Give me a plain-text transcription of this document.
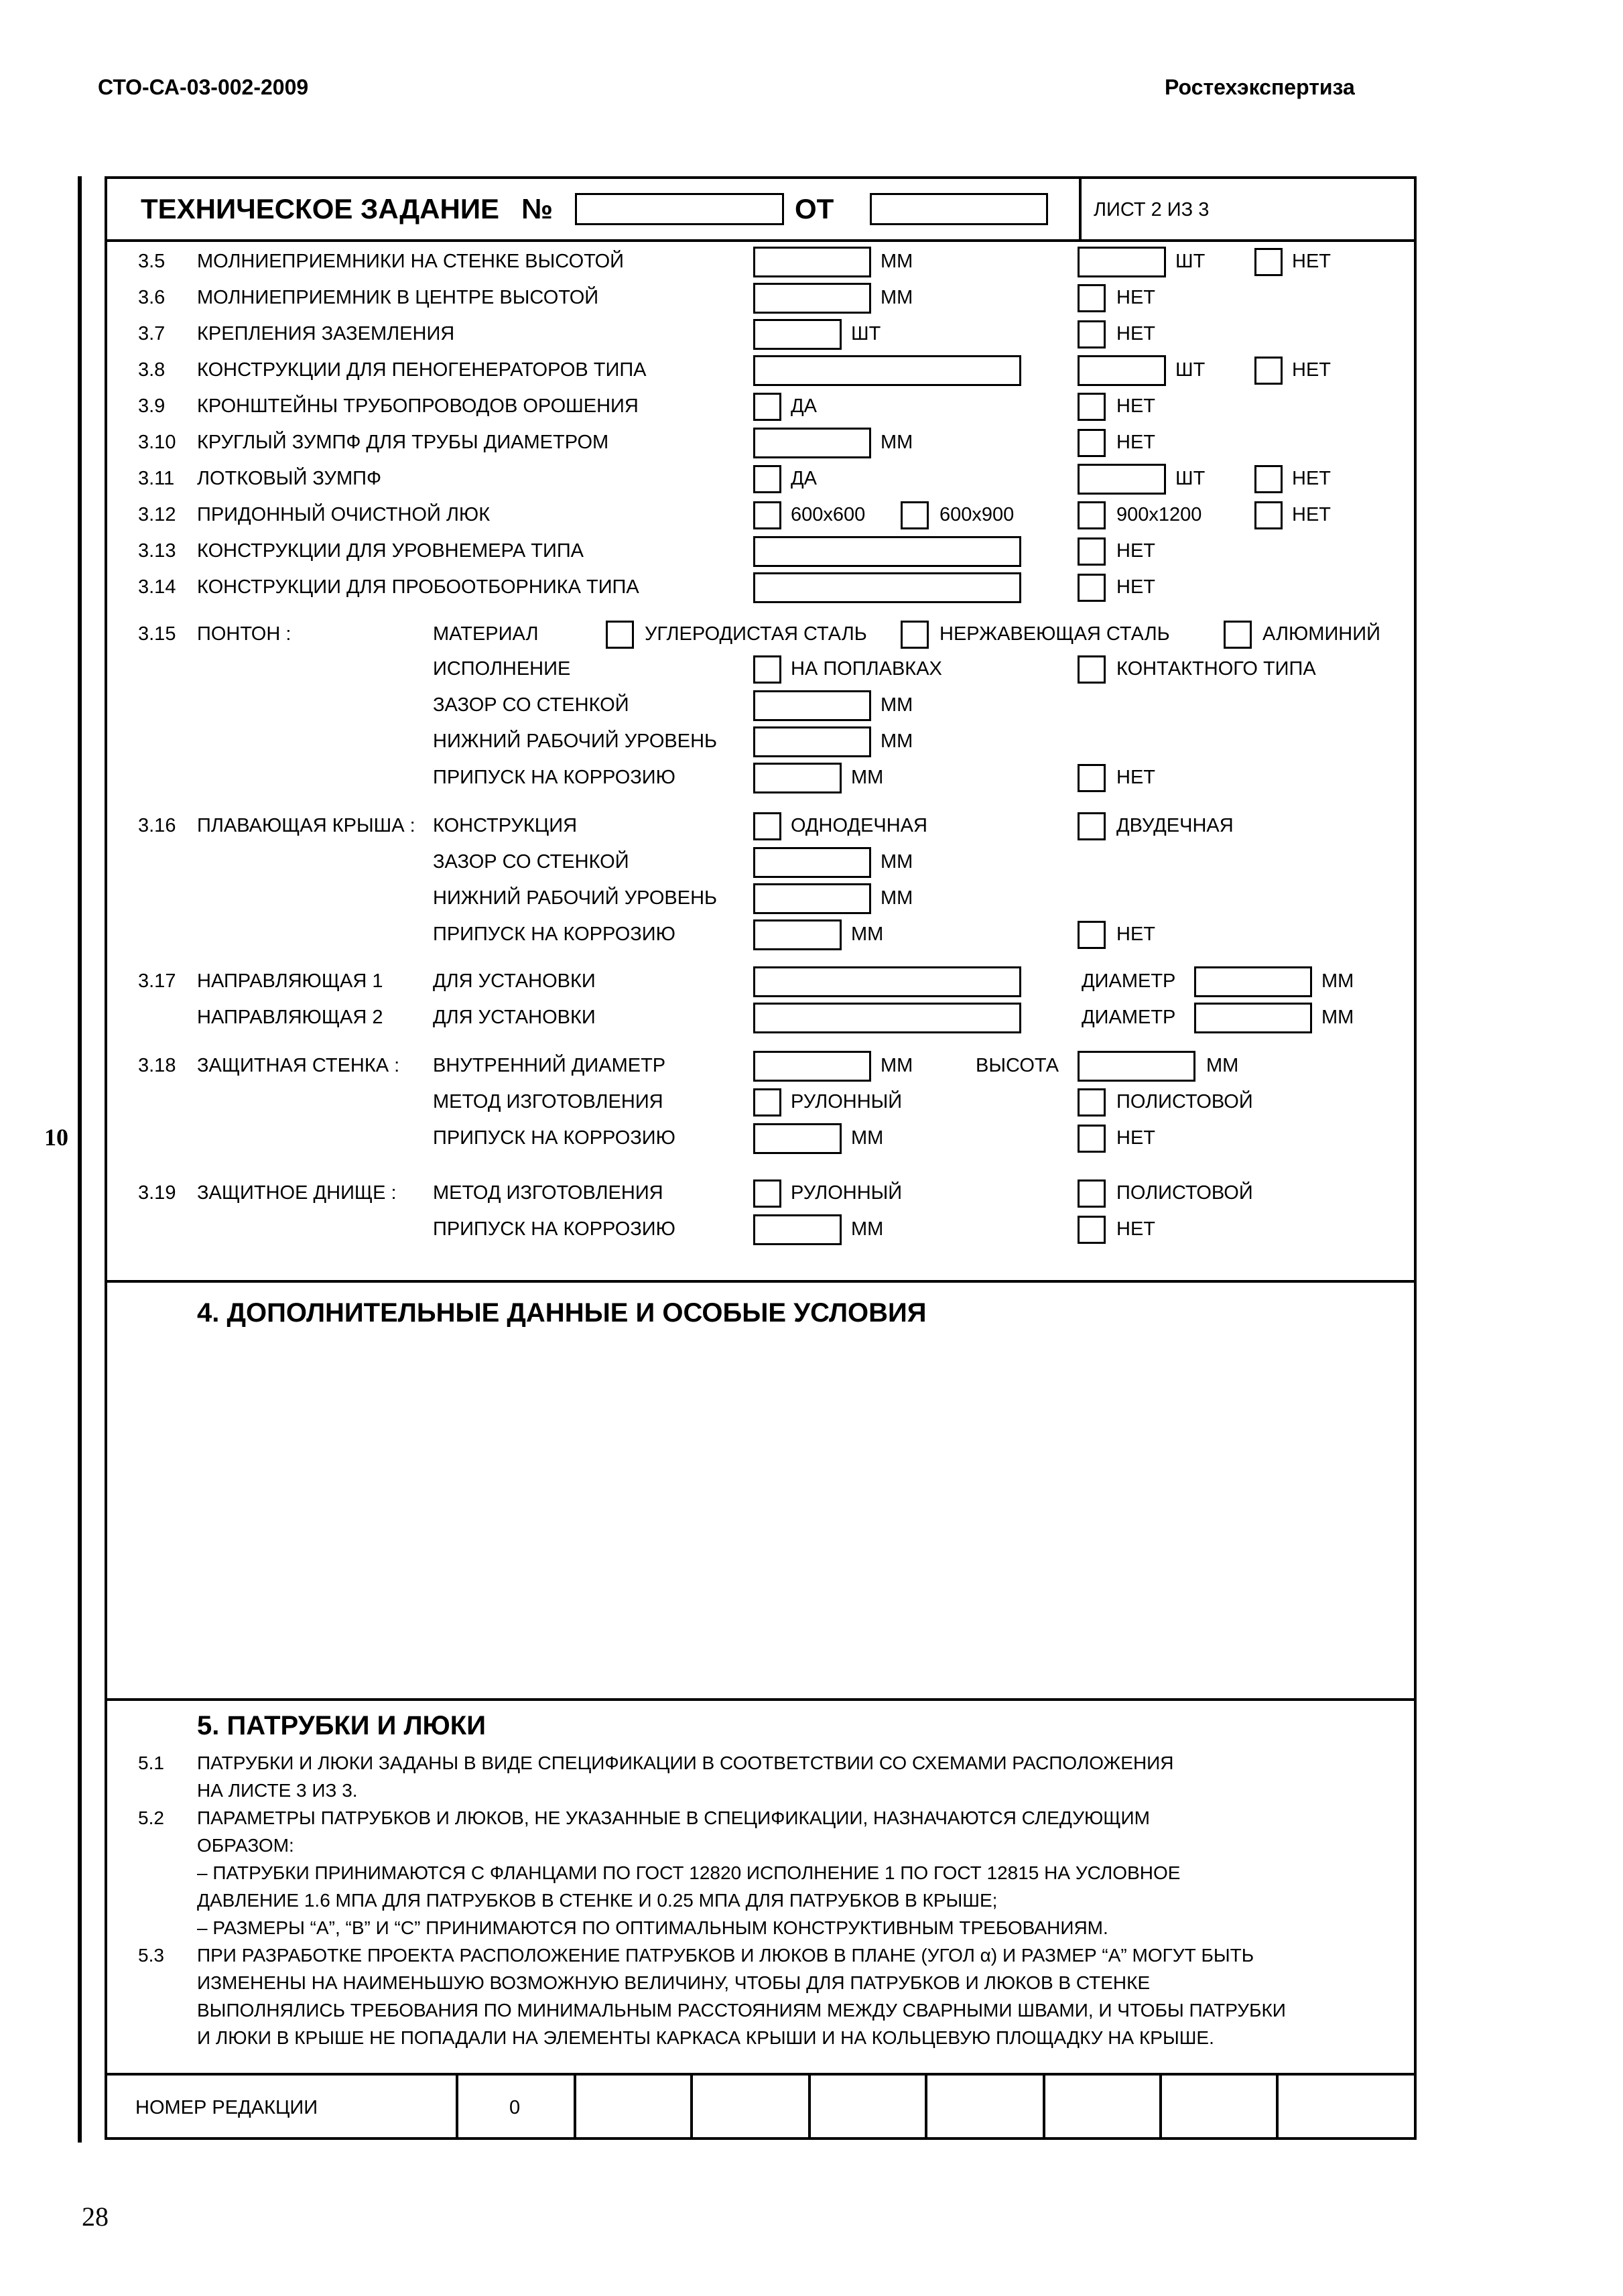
СТО-СА-03-002-2009	Ростехэкспертиза
10
ТЕХНИЧЕСКОЕ ЗАДАНИЕ №	ОТ	ЛИСТ 2 ИЗ 3
3.5 МОЛНИЕПРИЕМНИКИ НА СТЕНКЕ ВЫСОТОЙ	ММ	ШТ	НЕТ
3.6 МОЛНИЕПРИЕМНИК В ЦЕНТРЕ ВЫСОТОЙ	ММ	НЕТ
3.7 КРЕПЛЕНИЯ ЗАЗЕМЛЕНИЯ	ШТ	НЕТ
3.8 КОНСТРУКЦИИ ДЛЯ ПЕНОГЕНЕРАТОРОВ ТИПА	ШТ	НЕТ
3.9 КРОНШТЕЙНЫ ТРУБОПРОВОДОВ ОРОШЕНИЯ	ДА	НЕТ
3.10 КРУГЛЫЙ ЗУМПФ ДЛЯ ТРУБЫ ДИАМЕТРОМ	ММ	НЕТ
3.11 ЛОТКОВЫЙ ЗУМПФ	ДА	ШТ	НЕТ
3.12 ПРИДОННЫЙ ОЧИСТНОЙ ЛЮК	600x600	600x900	900x1200	НЕТ
3.13 КОНСТРУКЦИИ ДЛЯ УРОВНЕМЕРА ТИПА	НЕТ
3.14 КОНСТРУКЦИИ ДЛЯ ПРОБООТБОРНИКА ТИПА	НЕТ
3.15 ПОНТОН :	МАТЕРИАЛ	УГЛЕРОДИСТАЯ СТАЛЬ	НЕРЖАВЕЮЩАЯ СТАЛЬ	АЛЮМИНИЙ
ИСПОЛНЕНИЕ	НА ПОПЛАВКАХ	КОНТАКТНОГО ТИПА
ЗАЗОР СО СТЕНКОЙ	ММ
НИЖНИЙ РАБОЧИЙ УРОВЕНЬ	ММ
ПРИПУСК НА КОРРОЗИЮ	ММ	НЕТ
3.16 ПЛАВАЮЩАЯ КРЫША : КОНСТРУКЦИЯ	ОДНОДЕЧНАЯ	ДВУДЕЧНАЯ
ЗАЗОР СО СТЕНКОЙ	ММ
НИЖНИЙ РАБОЧИЙ УРОВЕНЬ	ММ
ПРИПУСК НА КОРРОЗИЮ	ММ	НЕТ
3.17 НАПРАВЛЯЮЩАЯ 1	ДЛЯ УСТАНОВКИ	ДИАМЕТР	ММ
НАПРАВЛЯЮЩАЯ 2	ДЛЯ УСТАНОВКИ	ДИАМЕТР	ММ
3.18 ЗАЩИТНАЯ СТЕНКА : ВНУТРЕННИЙ ДИАМЕТР	ММ	ВЫСОТА	ММ
МЕТОД ИЗГОТОВЛЕНИЯ	РУЛОННЫЙ	ПОЛИСТОВОЙ
ПРИПУСК НА КОРРОЗИЮ	ММ	НЕТ
3.19 ЗАЩИТНОЕ ДНИЩЕ : МЕТОД ИЗГОТОВЛЕНИЯ	РУЛОННЫЙ	ПОЛИСТОВОЙ
ПРИПУСК НА КОРРОЗИЮ	ММ	НЕТ
4. ДОПОЛНИТЕЛЬНЫЕ ДАННЫЕ И ОСОБЫЕ УСЛОВИЯ
5. ПАТРУБКИ И ЛЮКИ
5.1 ПАТРУБКИ И ЛЮКИ ЗАДАНЫ В ВИДЕ СПЕЦИФИКАЦИИ В СООТВЕТСТВИИ СО СХЕМАМИ РАСПОЛОЖЕНИЯ
НА ЛИСТЕ 3 ИЗ 3.
5.2 ПАРАМЕТРЫ ПАТРУБКОВ И ЛЮКОВ, НЕ УКАЗАННЫЕ В СПЕЦИФИКАЦИИ, НАЗНАЧАЮТСЯ СЛЕДУЮЩИМ
ОБРАЗОМ:
– ПАТРУБКИ ПРИНИМАЮТСЯ С ФЛАНЦАМИ ПО ГОСТ 12820 ИСПОЛНЕНИЕ 1 ПО ГОСТ 12815 НА УСЛОВНОЕ
ДАВЛЕНИЕ 1.6 МПА ДЛЯ ПАТРУБКОВ В СТЕНКЕ И 0.25 МПА ДЛЯ ПАТРУБКОВ В КРЫШЕ;
– РАЗМЕРЫ “А”, “В” И “С” ПРИНИМАЮТСЯ ПО ОПТИМАЛЬНЫМ КОНСТРУКТИВНЫМ ТРЕБОВАНИЯМ.
5.3 ПРИ РАЗРАБОТКЕ ПРОЕКТА РАСПОЛОЖЕНИЕ ПАТРУБКОВ И ЛЮКОВ В ПЛАНЕ (УГОЛ α) И РАЗМЕР “А” МОГУТ БЫТЬ
ИЗМЕНЕНЫ НА НАИМЕНЬШУЮ ВОЗМОЖНУЮ ВЕЛИЧИНУ, ЧТОБЫ ДЛЯ ПАТРУБКОВ И ЛЮКОВ В СТЕНКЕ
ВЫПОЛНЯЛИСЬ ТРЕБОВАНИЯ ПО МИНИМАЛЬНЫМ РАССТОЯНИЯМ МЕЖДУ СВАРНЫМИ ШВАМИ, И ЧТОБЫ ПАТРУБКИ
И ЛЮКИ В КРЫШЕ НЕ ПОПАДАЛИ НА ЭЛЕМЕНТЫ КАРКАСА КРЫШИ И НА КОЛЬЦЕВУЮ ПЛОЩАДКУ НА КРЫШЕ.
НОМЕР РЕДАКЦИИ	0
28
